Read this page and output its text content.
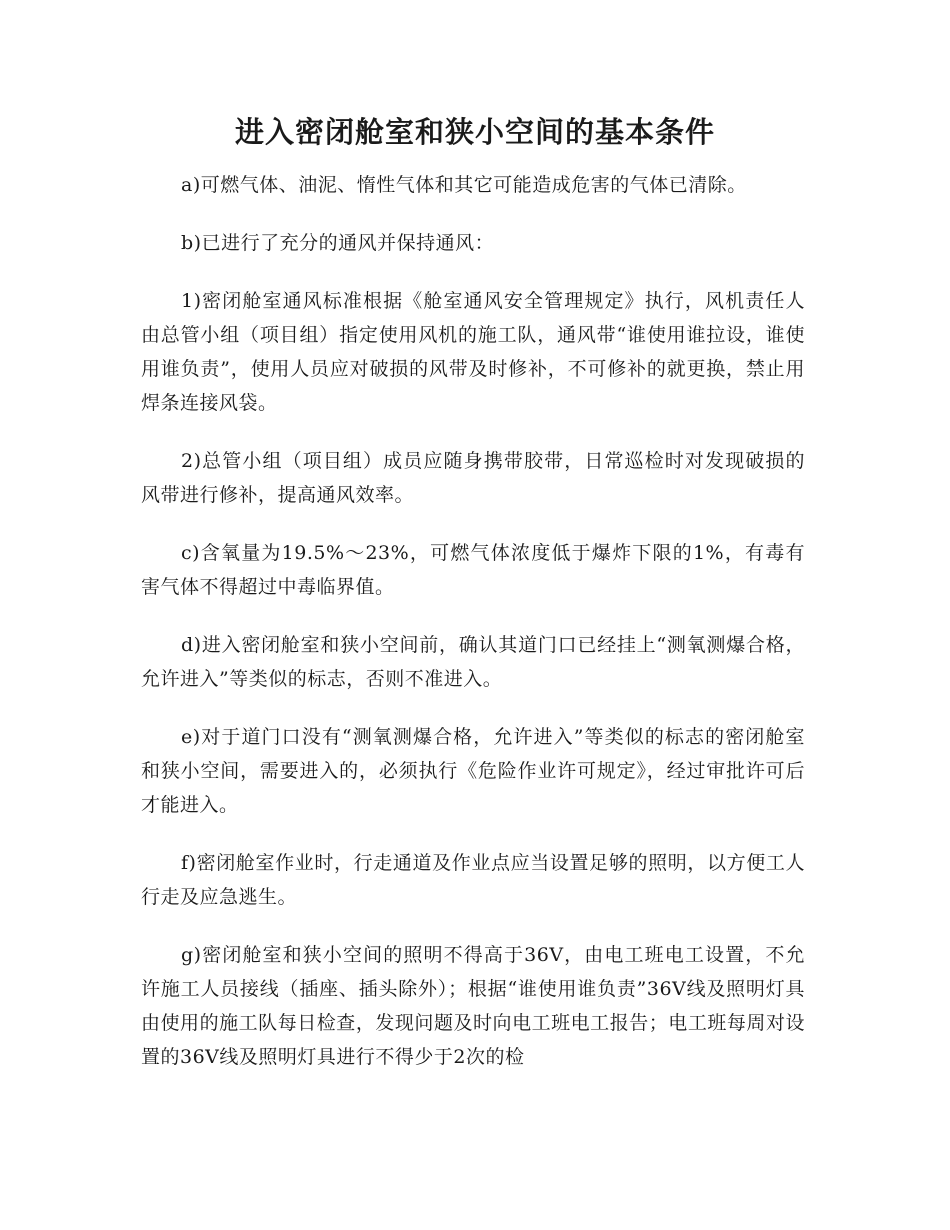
进入密闭舱室和狭小空间的基本条件

a)可燃气体、油泥、惰性气体和其它可能造成危害的气体已清除。

b)已进行了充分的通风并保持通风：

1)密闭舱室通风标准根据《舱室通风安全管理规定》执行，风机责任人由总管小组（项目组）指定使用风机的施工队，通风带“谁使用谁拉设，谁使用谁负责”，使用人员应对破损的风带及时修补，不可修补的就更换，禁止用焊条连接风袋。

2)总管小组（项目组）成员应随身携带胶带，日常巡检时对发现破损的风带进行修补，提高通风效率。

c)含氧量为19.5%～23%，可燃气体浓度低于爆炸下限的1%，有毒有害气体不得超过中毒临界值。

d)进入密闭舱室和狭小空间前，确认其道门口已经挂上“测氧测爆合格，允许进入”等类似的标志，否则不准进入。

e)对于道门口没有“测氧测爆合格，允许进入”等类似的标志的密闭舱室和狭小空间，需要进入的，必须执行《危险作业许可规定》，经过审批许可后才能进入。

f)密闭舱室作业时，行走通道及作业点应当设置足够的照明，以方便工人行走及应急逃生。

g)密闭舱室和狭小空间的照明不得高于36V，由电工班电工设置，不允许施工人员接线（插座、插头除外）；根据“谁使用谁负责”36V线及照明灯具由使用的施工队每日检查，发现问题及时向电工班电工报告；电工班每周对设置的36V线及照明灯具进行不得少于2次的检
